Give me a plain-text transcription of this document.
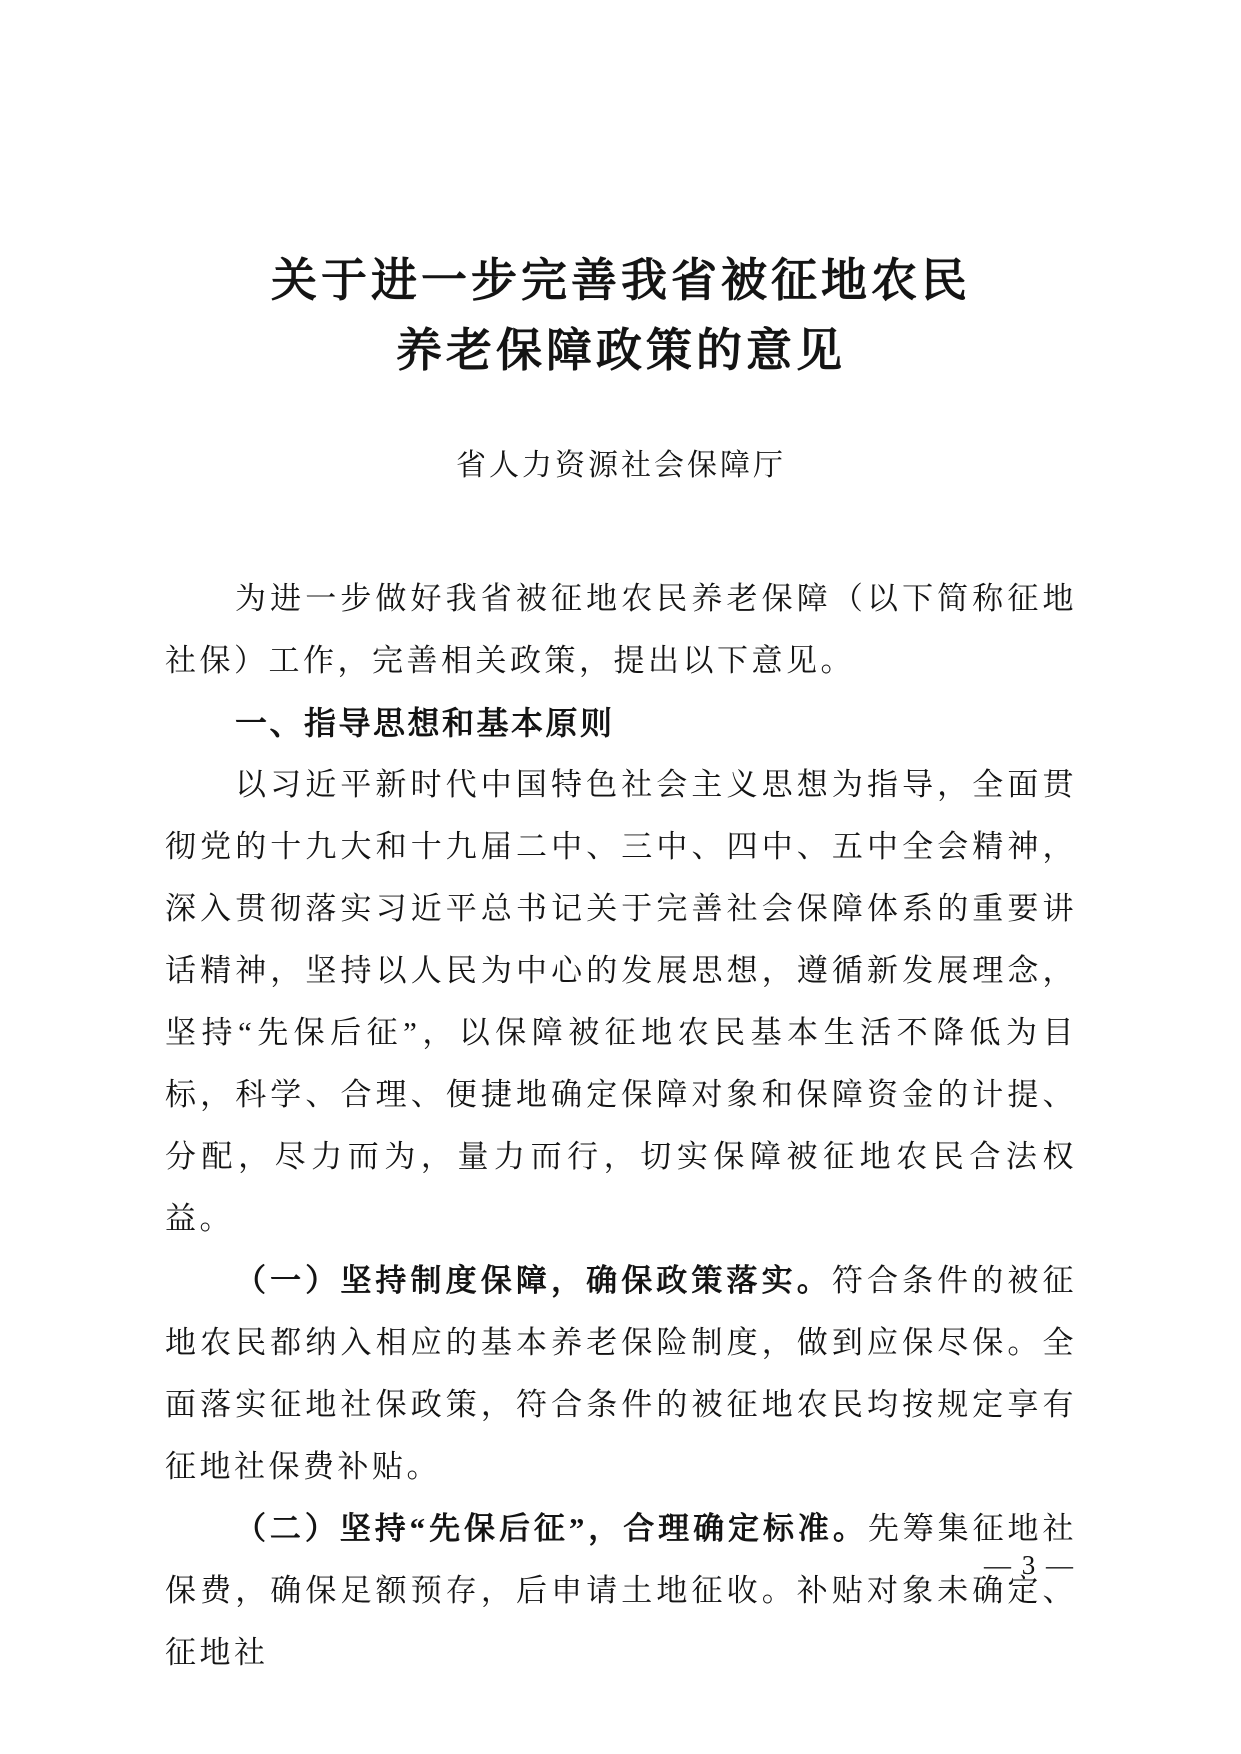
关于进一步完善我省被征地农民
养老保障政策的意见
省人力资源社会保障厅

为进一步做好我省被征地农民养老保障（以下简称征地社保）工作，完善相关政策，提出以下意见。

一、指导思想和基本原则

以习近平新时代中国特色社会主义思想为指导，全面贯彻党的十九大和十九届二中、三中、四中、五中全会精神，深入贯彻落实习近平总书记关于完善社会保障体系的重要讲话精神，坚持以人民为中心的发展思想，遵循新发展理念，坚持“先保后征”，以保障被征地农民基本生活不降低为目标，科学、合理、便捷地确定保障对象和保障资金的计提、分配，尽力而为，量力而行，切实保障被征地农民合法权益。

（一）坚持制度保障，确保政策落实。符合条件的被征地农民都纳入相应的基本养老保险制度，做到应保尽保。全面落实征地社保政策，符合条件的被征地农民均按规定享有征地社保费补贴。

（二）坚持“先保后征”，合理确定标准。先筹集征地社保费，确保足额预存，后申请土地征收。补贴对象未确定、征地社

— 3 —
